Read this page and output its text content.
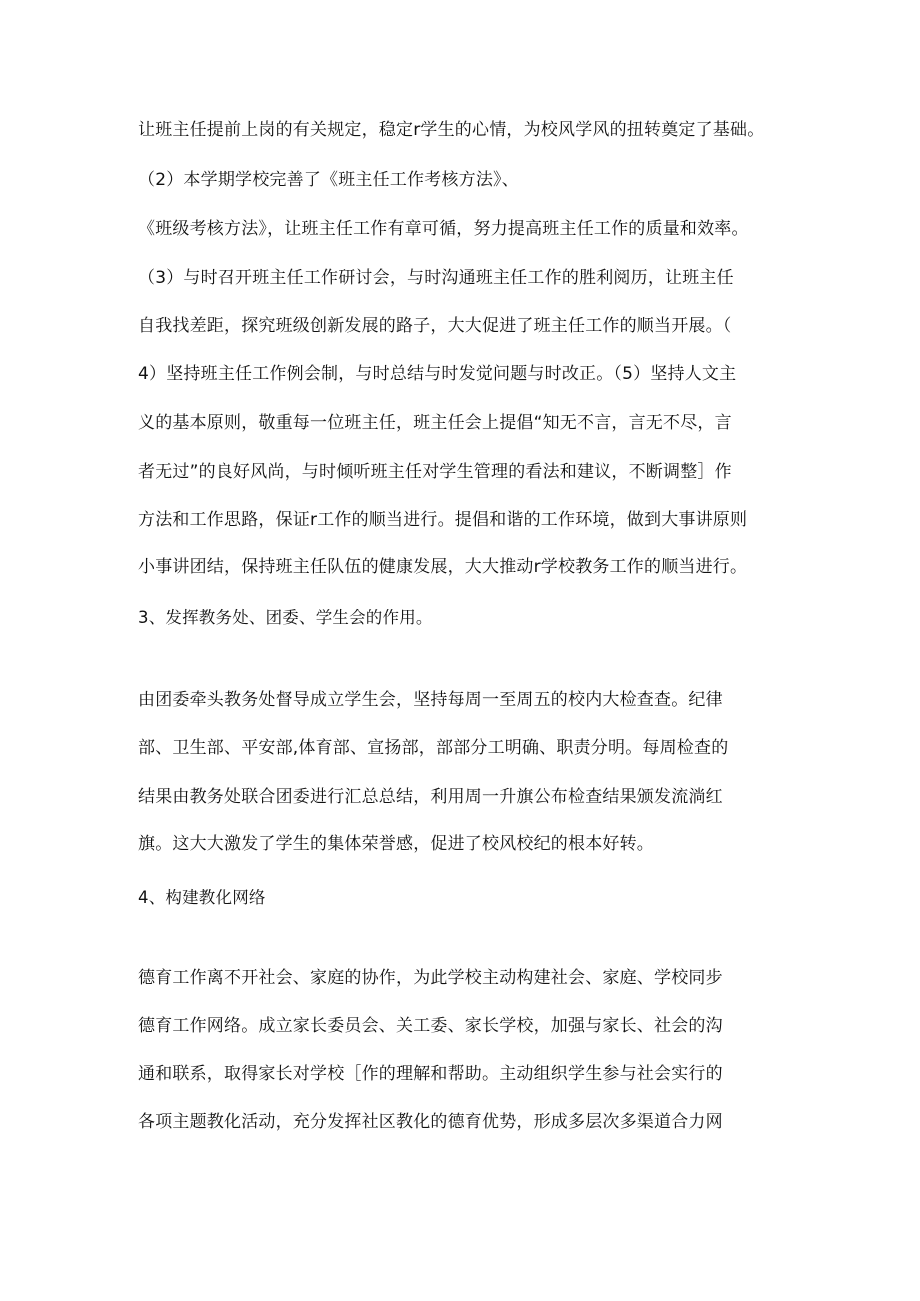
让班主任提前上岗的有关规定，稳定r学生的心情，为校风学风的扭转奠定了基础。
（2）本学期学校完善了《班主任工作考核方法》、
《班级考核方法》，让班主任工作有章可循，努力提高班主任工作的质量和效率。
（3）与时召开班主任工作研讨会，与时沟通班主任工作的胜利阅历，让班主任
自我找差距，探究班级创新发展的路子，大大促进了班主任工作的顺当开展。（
4）坚持班主任工作例会制，与时总结与时发觉问题与时改正。（5）坚持人文主
义的基本原则，敬重每一位班主任，班主任会上提倡“知无不言，言无不尽，言
者无过”的良好风尚，与时倾听班主任对学生管理的看法和建议，不断调整］作
方法和工作思路，保证r工作的顺当进行。提倡和谐的工作环境，做到大事讲原则
小事讲团结，保持班主任队伍的健康发展，大大推动r学校教务工作的顺当进行。
3、发挥教务处、团委、学生会的作用。
由团委牵头教务处督导成立学生会，坚持每周一至周五的校内大检查查。纪律
部、卫生部、平安部,体育部、宣扬部，部部分工明确、职责分明。每周检查的
结果由教务处联合团委进行汇总总结，利用周一升旗公布检查结果颁发流淌红
旗。这大大激发了学生的集体荣誉感，促进了校风校纪的根本好转。
4、构建教化网络
德育工作离不开社会、家庭的协作，为此学校主动构建社会、家庭、学校同步
德育工作网络。成立家长委员会、关工委、家长学校，加强与家长、社会的沟
通和联系，取得家长对学校［作的理解和帮助。主动组织学生参与社会实行的
各项主题教化活动，充分发挥社区教化的德育优势，形成多层次多渠道合力网
